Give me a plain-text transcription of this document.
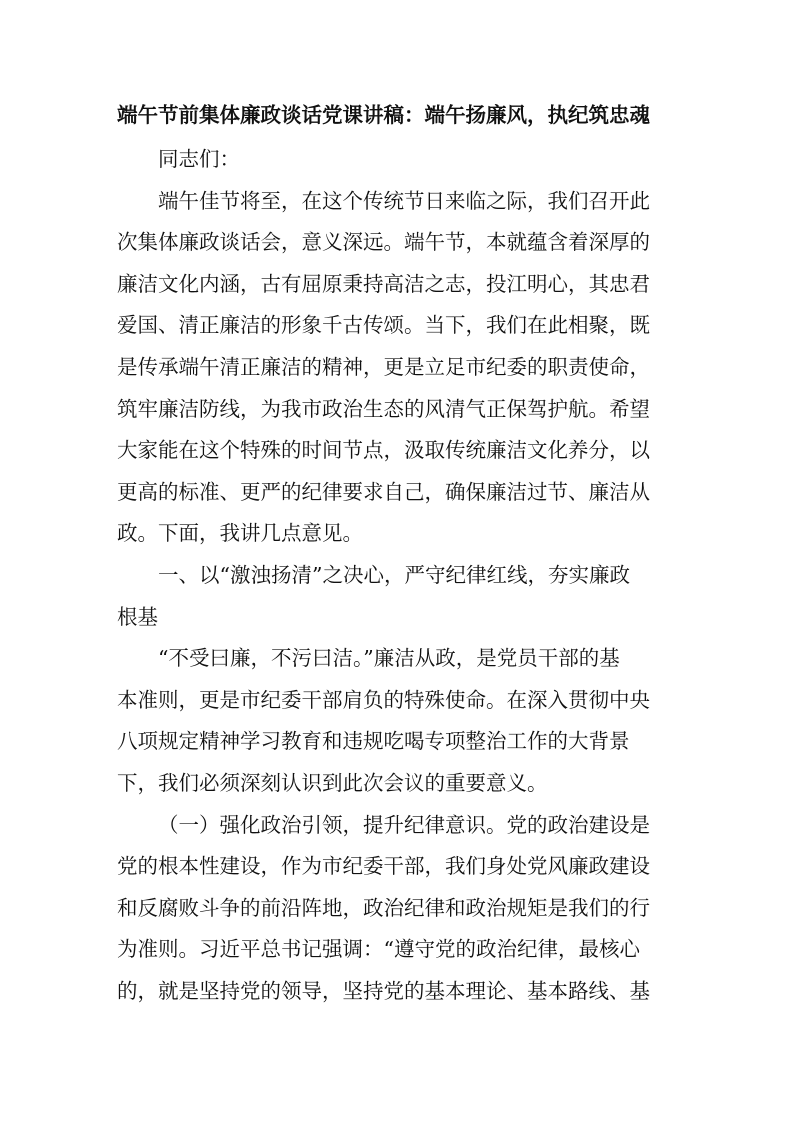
端午节前集体廉政谈话党课讲稿：端午扬廉风，执纪筑忠魂
同志们：
端午佳节将至，在这个传统节日来临之际，我们召开此
次集体廉政谈话会，意义深远。端午节，本就蕴含着深厚的
廉洁文化内涵，古有屈原秉持高洁之志，投江明心，其忠君
爱国、清正廉洁的形象千古传颂。当下，我们在此相聚，既
是传承端午清正廉洁的精神，更是立足市纪委的职责使命，
筑牢廉洁防线，为我市政治生态的风清气正保驾护航。希望
大家能在这个特殊的时间节点，汲取传统廉洁文化养分，以
更高的标准、更严的纪律要求自己，确保廉洁过节、廉洁从
政。下面，我讲几点意见。
一、以“激浊扬清”之决心，严守纪律红线，夯实廉政
根基
“不受曰廉，不污曰洁。”廉洁从政，是党员干部的基
本准则，更是市纪委干部肩负的特殊使命。在深入贯彻中央
八项规定精神学习教育和违规吃喝专项整治工作的大背景
下，我们必须深刻认识到此次会议的重要意义。
（一）强化政治引领，提升纪律意识。党的政治建设是
党的根本性建设，作为市纪委干部，我们身处党风廉政建设
和反腐败斗争的前沿阵地，政治纪律和政治规矩是我们的行
为准则。习近平总书记强调：“遵守党的政治纪律，最核心
的，就是坚持党的领导，坚持党的基本理论、基本路线、基
